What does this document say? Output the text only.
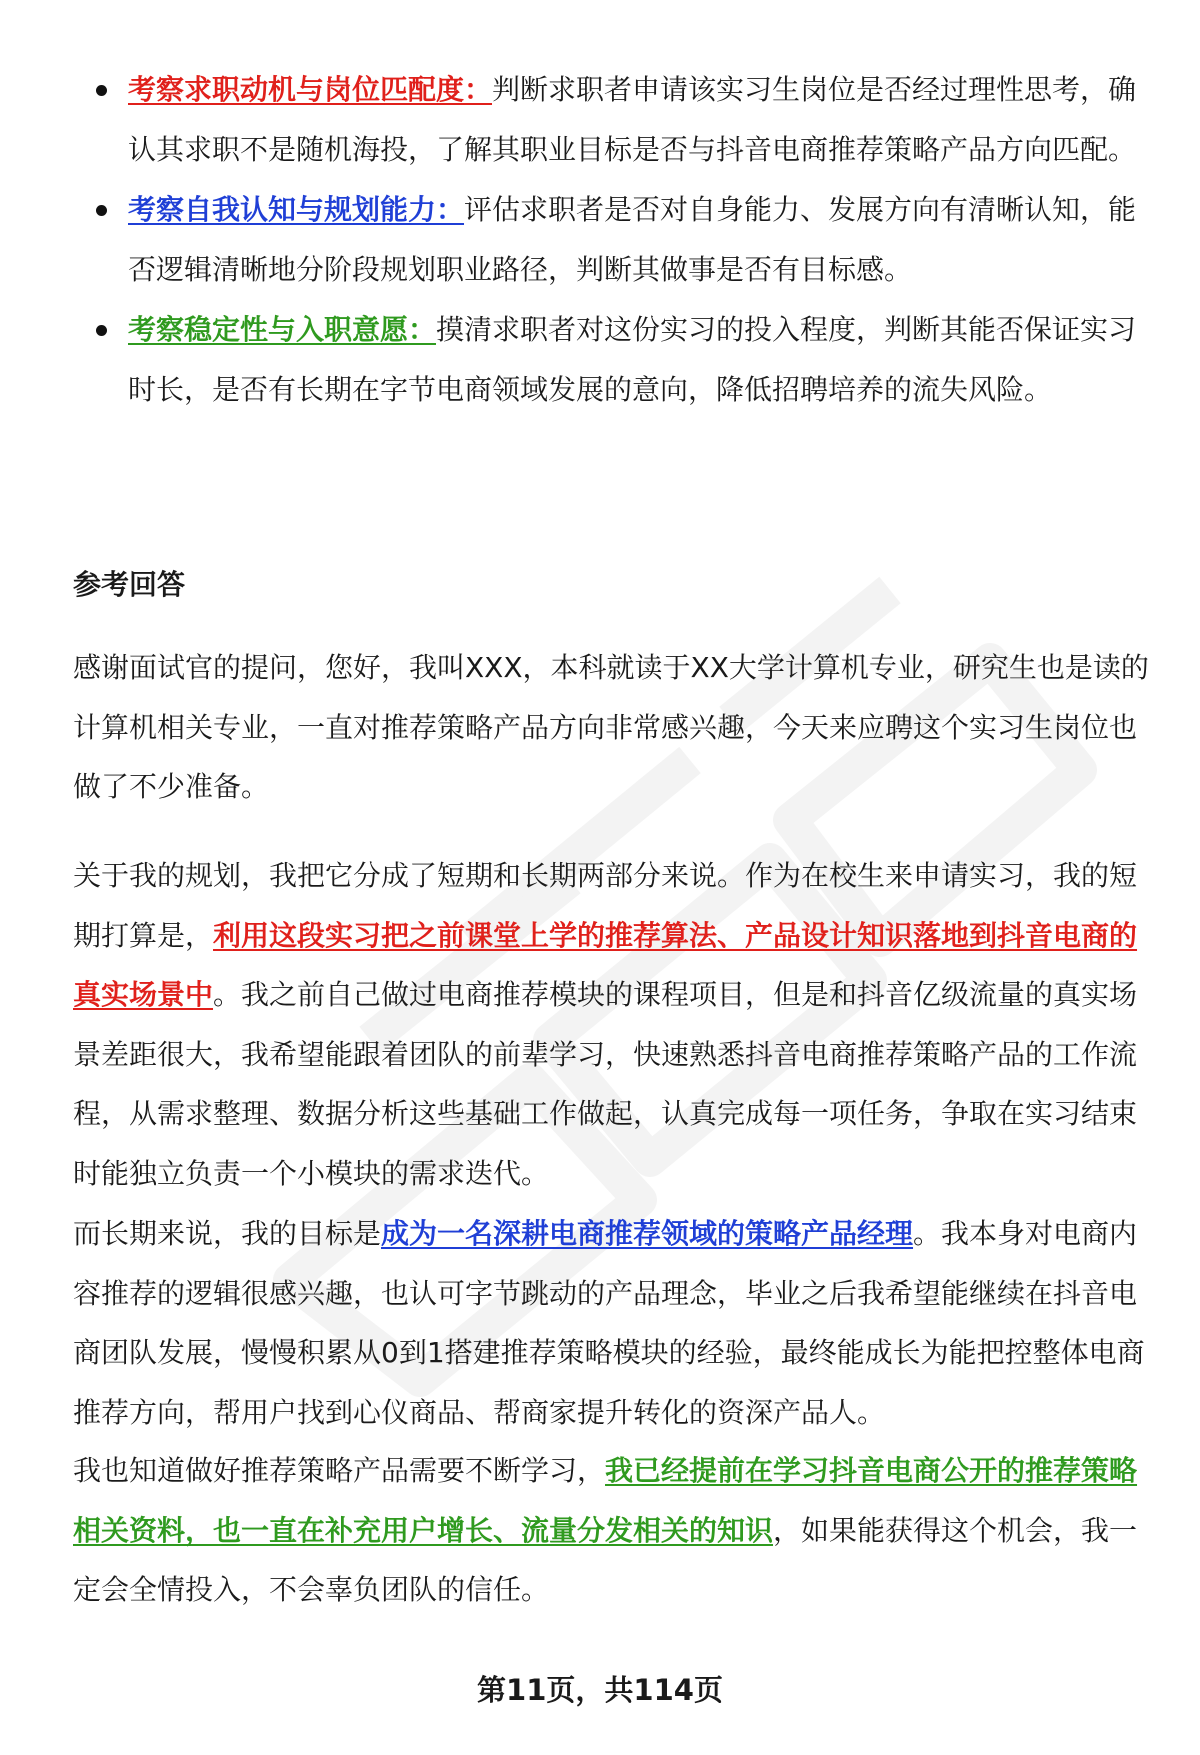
考察求职动机与岗位匹配度：判断求职者申请该实习生岗位是否经过理性思考，确认其求职不是随机海投，了解其职业目标是否与抖音电商推荐策略产品方向匹配。
考察自我认知与规划能力：评估求职者是否对自身能力、发展方向有清晰认知，能否逻辑清晰地分阶段规划职业路径，判断其做事是否有目标感。
考察稳定性与入职意愿：摸清求职者对这份实习的投入程度，判断其能否保证实习时长，是否有长期在字节电商领域发展的意向，降低招聘培养的流失风险。
参考回答

感谢面试官的提问，您好，我叫XXX，本科就读于XX大学计算机专业，研究生也是读的计算机相关专业，一直对推荐策略产品方向非常感兴趣，今天来应聘这个实习生岗位也做了不少准备。

关于我的规划，我把它分成了短期和长期两部分来说。作为在校生来申请实习，我的短期打算是，利用这段实习把之前课堂上学的推荐算法、产品设计知识落地到抖音电商的真实场景中。我之前自己做过电商推荐模块的课程项目，但是和抖音亿级流量的真实场景差距很大，我希望能跟着团队的前辈学习，快速熟悉抖音电商推荐策略产品的工作流程，从需求整理、数据分析这些基础工作做起，认真完成每一项任务，争取在实习结束时能独立负责一个小模块的需求迭代。

而长期来说，我的目标是成为一名深耕电商推荐领域的策略产品经理。我本身对电商内容推荐的逻辑很感兴趣，也认可字节跳动的产品理念，毕业之后我希望能继续在抖音电商团队发展，慢慢积累从0到1搭建推荐策略模块的经验，最终能成长为能把控整体电商推荐方向，帮用户找到心仪商品、帮商家提升转化的资深产品人。

我也知道做好推荐策略产品需要不断学习，我已经提前在学习抖音电商公开的推荐策略相关资料，也一直在补充用户增长、流量分发相关的知识，如果能获得这个机会，我一定会全情投入，不会辜负团队的信任。

第11页，共114页
